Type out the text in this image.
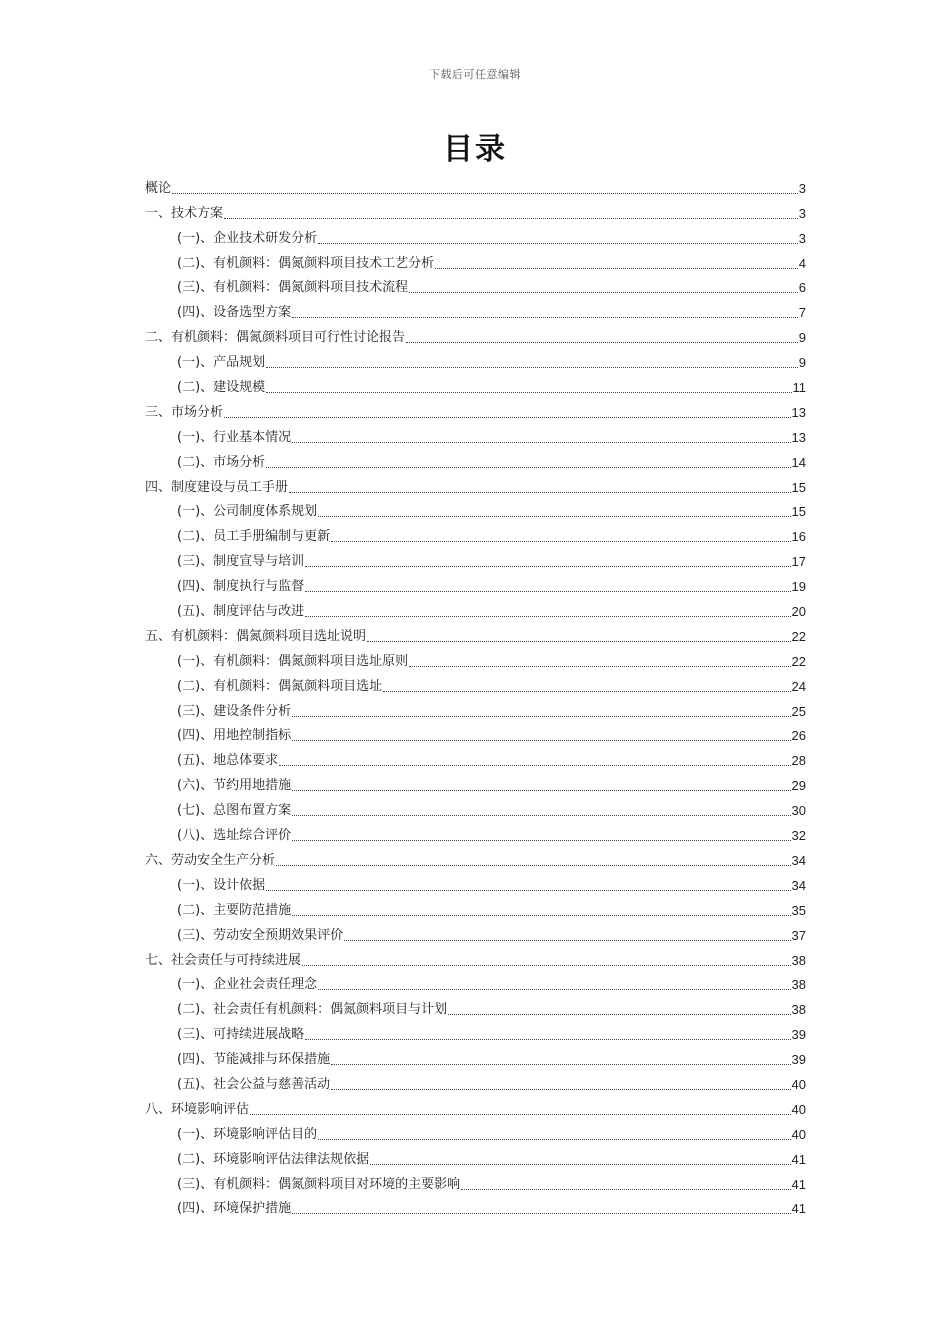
下载后可任意编辑
目录
概论	3
一、技术方案	3
(一)、企业技术研发分析	3
(二)、有机颜料：偶氮颜料项目技术工艺分析	4
(三)、有机颜料：偶氮颜料项目技术流程	6
(四)、设备选型方案	7
二、有机颜料：偶氮颜料项目可行性讨论报告	9
(一)、产品规划	9
(二)、建设规模	11
三、市场分析	13
(一)、行业基本情况	13
(二)、市场分析	14
四、制度建设与员工手册	15
(一)、公司制度体系规划	15
(二)、员工手册编制与更新	16
(三)、制度宣导与培训	17
(四)、制度执行与监督	19
(五)、制度评估与改进	20
五、有机颜料：偶氮颜料项目选址说明	22
(一)、有机颜料：偶氮颜料项目选址原则	22
(二)、有机颜料：偶氮颜料项目选址	24
(三)、建设条件分析	25
(四)、用地控制指标	26
(五)、地总体要求	28
(六)、节约用地措施	29
(七)、总图布置方案	30
(八)、选址综合评价	32
六、劳动安全生产分析	34
(一)、设计依据	34
(二)、主要防范措施	35
(三)、劳动安全预期效果评价	37
七、社会责任与可持续进展	38
(一)、企业社会责任理念	38
(二)、社会责任有机颜料：偶氮颜料项目与计划	38
(三)、可持续进展战略	39
(四)、节能减排与环保措施	39
(五)、社会公益与慈善活动	40
八、环境影响评估	40
(一)、环境影响评估目的	40
(二)、环境影响评估法律法规依据	41
(三)、有机颜料：偶氮颜料项目对环境的主要影响	41
(四)、环境保护措施	41
